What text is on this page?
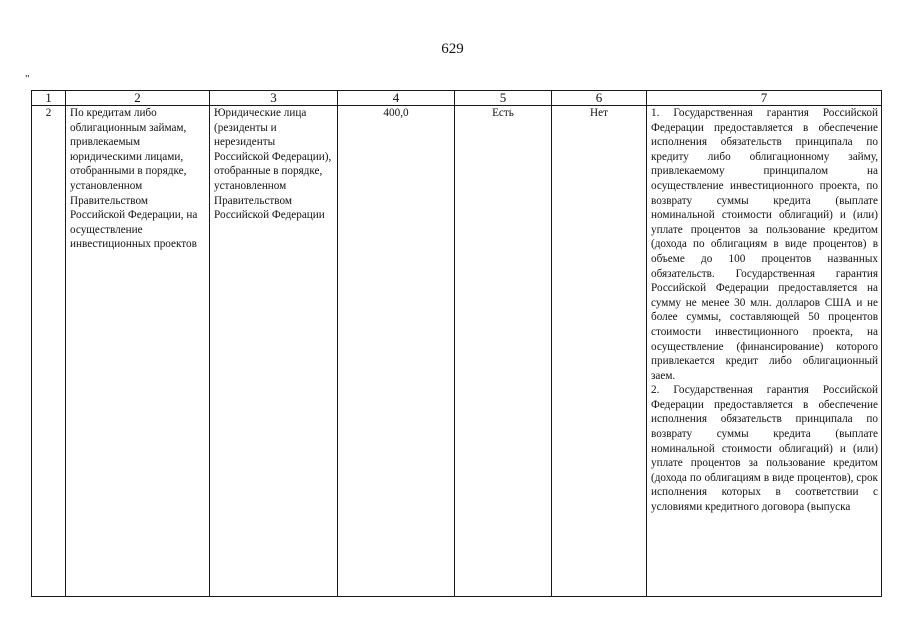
629
"
1	2	3	4	5	6	7
2	По кредитам либо облигационным займам, привлекаемым юридическими лицами, отобранными в порядке, установленном Правительством Российской Федерации, на осуществление инвестиционных проектов	Юридические лица (резиденты и нерезиденты Российской Федерации), отобранные в порядке, установленном Правительством Российской Федерации	400,0	Есть	Нет	1. Государственная гарантия Российской Федерации предоставляется в обеспечение исполнения обязательств принципала по кредиту либо облигационному займу, привлекаемому принципалом на осуществление инвестиционного проекта, по возврату суммы кредита (выплате номинальной стоимости облигаций) и (или) уплате процентов за пользование кредитом (дохода по облигациям в виде процентов) в объеме до 100 процентов названных обязательств. Государственная гарантия Российской Федерации предоставляется на сумму не менее 30 млн. долларов США и не более суммы, составляющей 50 процентов стоимости инвестиционного проекта, на осуществление (финансирование) которого привлекается кредит либо облигационный заем.
2. Государственная гарантия Российской Федерации предоставляется в обеспечение исполнения обязательств принципала по возврату суммы кредита (выплате номинальной стоимости облигаций) и (или) уплате процентов за пользование кредитом (дохода по облигациям в виде процентов), срок исполнения которых в соответствии с условиями кредитного договора (выпуска
